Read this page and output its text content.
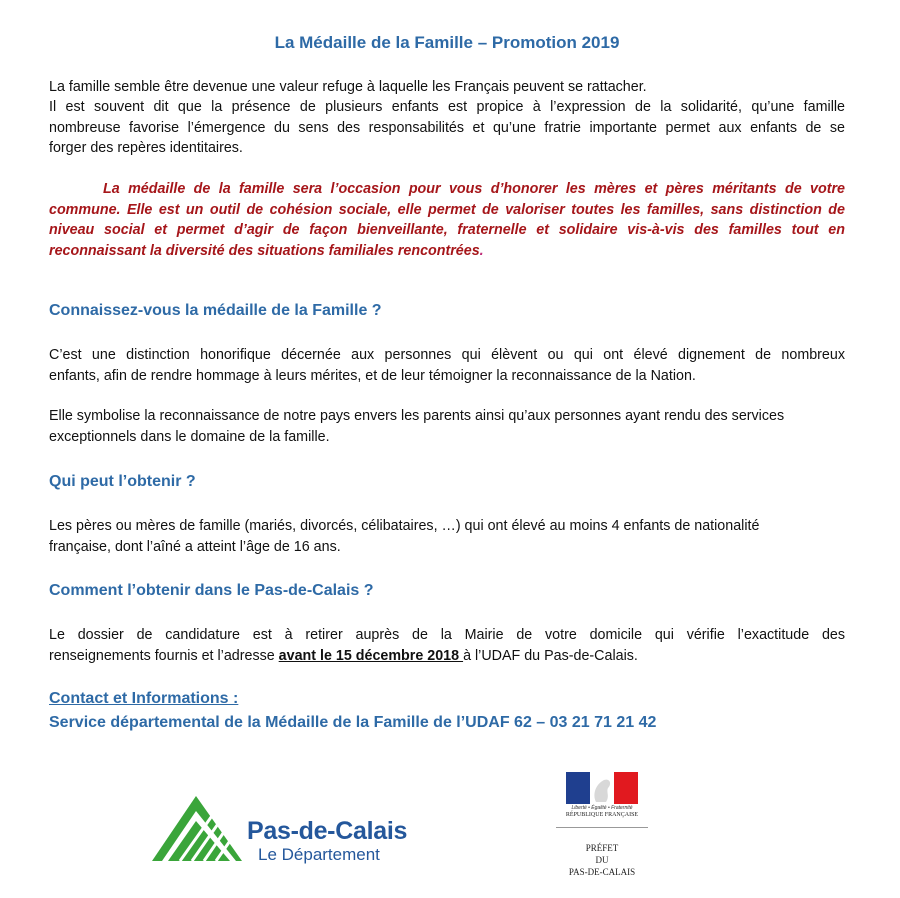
La Médaille de la Famille – Promotion 2019
La famille semble être devenue une valeur refuge à laquelle les Français peuvent se rattacher.
Il est souvent dit que la présence de plusieurs enfants est propice à l’expression de la solidarité, qu’une famille
nombreuse favorise l’émergence du sens des responsabilités et qu’une fratrie importante permet aux enfants de se
forger des repères identitaires.
La médaille de la famille sera l’occasion pour vous d’honorer les mères et pères méritants de votre
commune. Elle est un outil de cohésion sociale, elle permet de valoriser toutes les familles, sans distinction de
niveau social et permet d’agir de façon bienveillante, fraternelle et solidaire vis-à-vis des familles tout en
reconnaissant la diversité des situations familiales rencontrées.
Connaissez-vous la médaille de la Famille ?
C’est une distinction honorifique décernée aux personnes qui élèvent ou qui ont élevé dignement de nombreux
enfants, afin de rendre hommage à leurs mérites, et de leur témoigner la reconnaissance de la Nation.
Elle symbolise la reconnaissance de notre pays envers les parents ainsi qu’aux personnes ayant rendu des services
exceptionnels dans le domaine de la famille.
Qui peut l’obtenir ?
Les pères ou mères de famille (mariés, divorcés, célibataires, …) qui ont élevé au moins 4 enfants de nationalité
française, dont l’aîné a atteint l’âge de 16 ans.
Comment l’obtenir dans le Pas-de-Calais ?
Le dossier de candidature est à retirer auprès de la Mairie de votre domicile qui vérifie l’exactitude des
renseignements fournis et l’adresse avant le 15 décembre 2018 à l’UDAF du Pas-de-Calais.
Contact et Informations :
Service départemental de la Médaille de la Famille de l’UDAF 62 – 03 21 71 21 42
Pas-de-Calais
Le Département
Liberté • Égalité • Fraternité
RÉPUBLIQUE FRANÇAISE
PRÉFET
DU
PAS-DE-CALAIS
